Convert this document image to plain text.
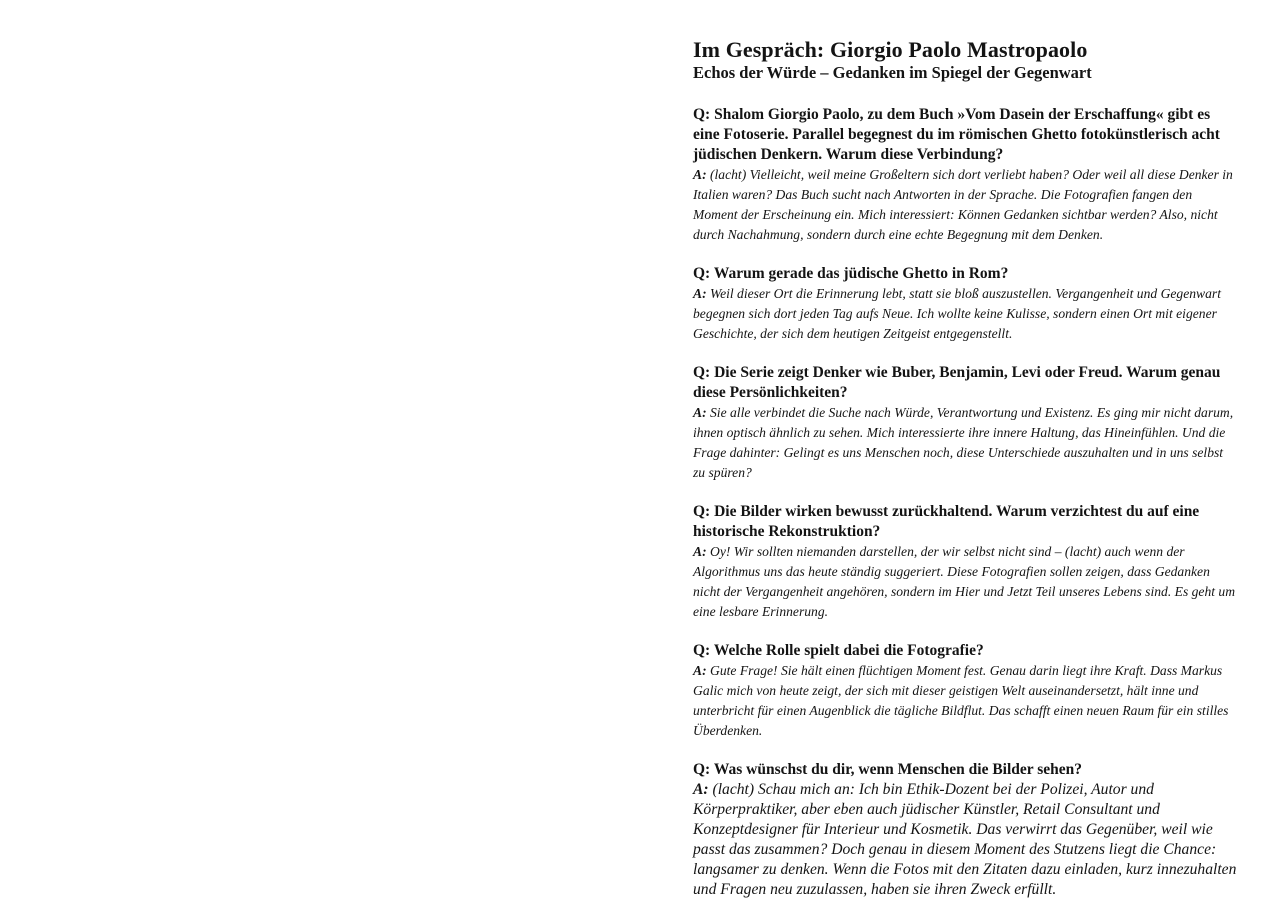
Im Gespräch: Giorgio Paolo Mastropaolo
Echos der Würde – Gedanken im Spiegel der Gegenwart

Q: Shalom Giorgio Paolo, zu dem Buch »Vom Dasein der Erschaffung« gibt es eine Fotoserie. Parallel begegnest du im römischen Ghetto fotokünstlerisch acht jüdischen Denkern. Warum diese Verbindung?

A: (lacht) Vielleicht, weil meine Großeltern sich dort verliebt haben? Oder weil all diese Denker in Italien waren? Das Buch sucht nach Antworten in der Sprache. Die Fotografien fangen den Moment der Erscheinung ein. Mich interessiert: Können Gedanken sichtbar werden? Also, nicht durch Nachahmung, sondern durch eine echte Begegnung mit dem Denken.

Q: Warum gerade das jüdische Ghetto in Rom?

A: Weil dieser Ort die Erinnerung lebt, statt sie bloß auszustellen. Vergangenheit und Gegenwart begegnen sich dort jeden Tag aufs Neue. Ich wollte keine Kulisse, sondern einen Ort mit eigener Geschichte, der sich dem heutigen Zeitgeist entgegenstellt.

Q: Die Serie zeigt Denker wie Buber, Benjamin, Levi oder Freud. Warum genau diese Persönlichkeiten?

A: Sie alle verbindet die Suche nach Würde, Verantwortung und Existenz. Es ging mir nicht darum, ihnen optisch ähnlich zu sehen. Mich interessierte ihre innere Haltung, das Hineinfühlen. Und die Frage dahinter: Gelingt es uns Menschen noch, diese Unterschiede auszuhalten und in uns selbst zu spüren?

Q: Die Bilder wirken bewusst zurückhaltend. Warum verzichtest du auf eine historische Rekonstruktion?

A: Oy! Wir sollten niemanden darstellen, der wir selbst nicht sind – (lacht) auch wenn der Algorithmus uns das heute ständig suggeriert. Diese Fotografien sollen zeigen, dass Gedanken nicht der Vergangenheit angehören, sondern im Hier und Jetzt Teil unseres Lebens sind. Es geht um eine lesbare Erinnerung.

Q: Welche Rolle spielt dabei die Fotografie?

A: Gute Frage! Sie hält einen flüchtigen Moment fest. Genau darin liegt ihre Kraft. Dass Markus Galic mich von heute zeigt, der sich mit dieser geistigen Welt auseinandersetzt, hält inne und unterbricht für einen Augenblick die tägliche Bildflut. Das schafft einen neuen Raum für ein stilles Überdenken.

Q: Was wünschst du dir, wenn Menschen die Bilder sehen?

A: (lacht) Schau mich an: Ich bin Ethik-Dozent bei der Polizei, Autor und Körperpraktiker, aber eben auch jüdischer Künstler, Retail Consultant und Konzeptdesigner für Interieur und Kosmetik. Das verwirrt das Gegenüber, weil wie passt das zusammen? Doch genau in diesem Moment des Stutzens liegt die Chance: langsamer zu denken. Wenn die Fotos mit den Zitaten dazu einladen, kurz innezuhalten und Fragen neu zuzulassen, haben sie ihren Zweck erfüllt.
